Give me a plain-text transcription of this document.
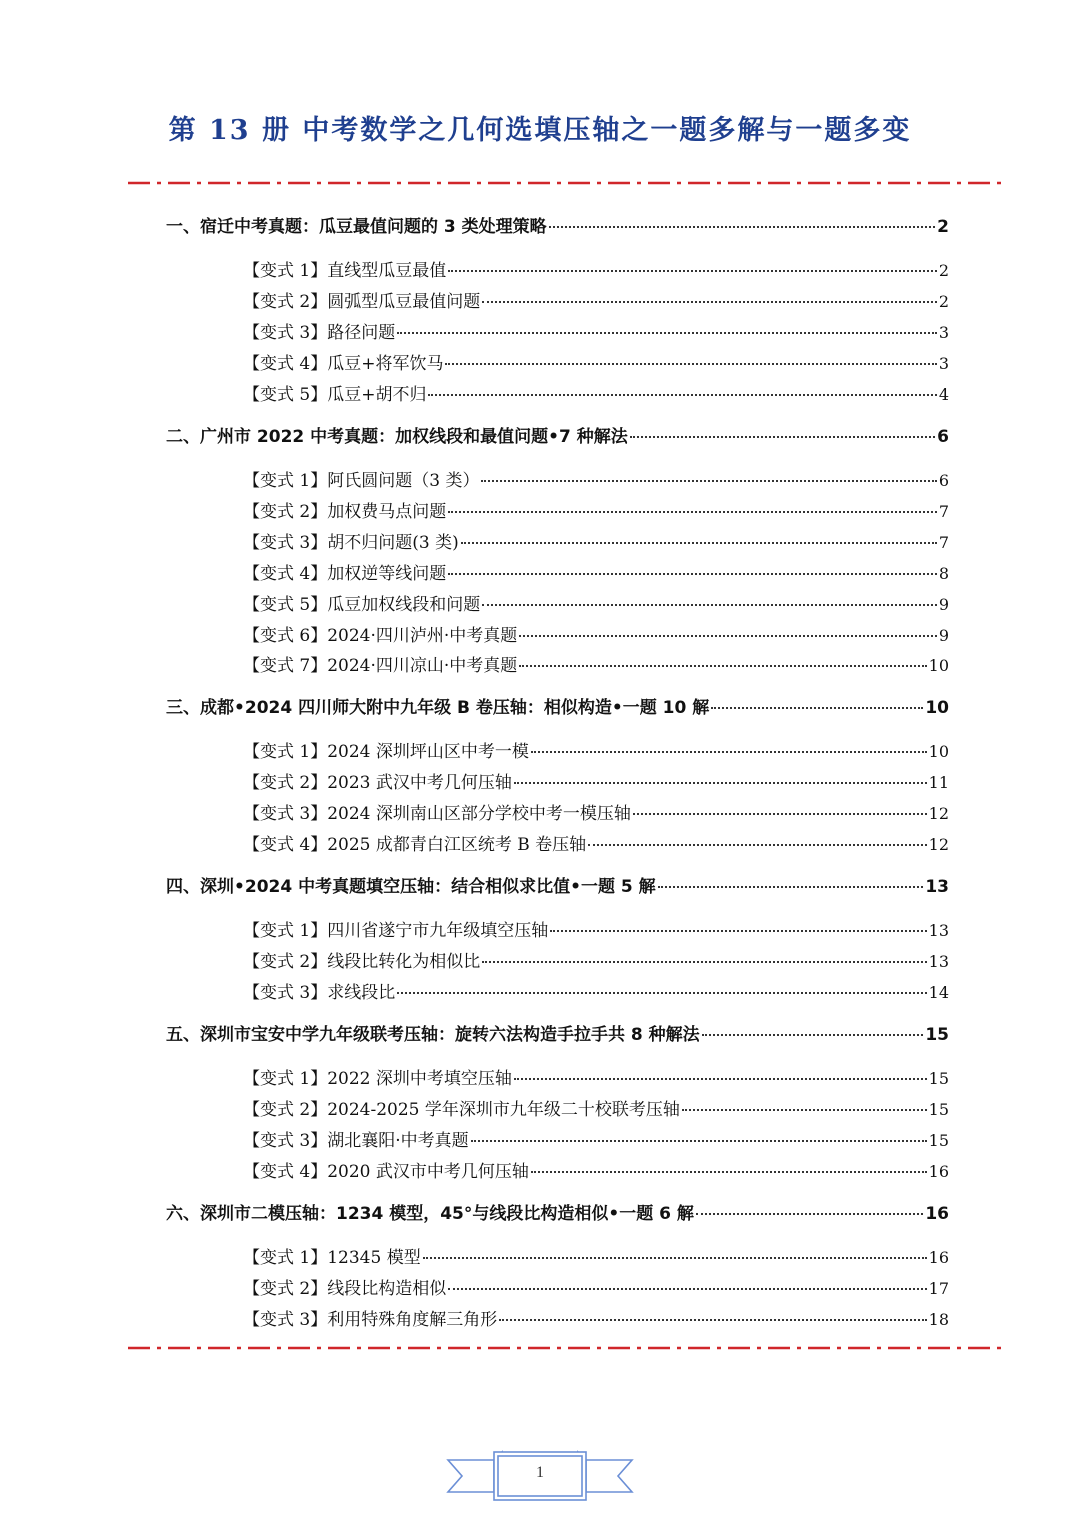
第 13 册 中考数学之几何选填压轴之一题多解与一题多变
一、宿迁中考真题：瓜豆最值问题的 3 类处理策略	2
【变式 1】直线型瓜豆最值	2
【变式 2】圆弧型瓜豆最值问题	2
【变式 3】路径问题	3
【变式 4】瓜豆+将军饮马	3
【变式 5】瓜豆+胡不归	4
二、广州市 2022 中考真题：加权线段和最值问题•7 种解法	6
【变式 1】阿氏圆问题（3 类）	6
【变式 2】加权费马点问题	7
【变式 3】胡不归问题(3 类)	7
【变式 4】加权逆等线问题	8
【变式 5】瓜豆加权线段和问题	9
【变式 6】2024·四川泸州·中考真题	9
【变式 7】2024·四川凉山·中考真题	10
三、成都•2024 四川师大附中九年级 B 卷压轴：相似构造•一题 10 解	10
【变式 1】2024 深圳坪山区中考一模	10
【变式 2】2023 武汉中考几何压轴	11
【变式 3】2024 深圳南山区部分学校中考一模压轴	12
【变式 4】2025 成都青白江区统考 B 卷压轴	12
四、深圳•2024 中考真题填空压轴：结合相似求比值•一题 5 解	13
【变式 1】四川省遂宁市九年级填空压轴	13
【变式 2】线段比转化为相似比	13
【变式 3】求线段比	14
五、深圳市宝安中学九年级联考压轴：旋转六法构造手拉手共 8 种解法	15
【变式 1】2022 深圳中考填空压轴	15
【变式 2】2024-2025 学年深圳市九年级二十校联考压轴	15
【变式 3】湖北襄阳·中考真题	15
【变式 4】2020 武汉市中考几何压轴	16
六、深圳市二模压轴：1234 模型，45°与线段比构造相似•一题 6 解	16
【变式 1】12345 模型	16
【变式 2】线段比构造相似	17
【变式 3】利用特殊角度解三角形	18
1
